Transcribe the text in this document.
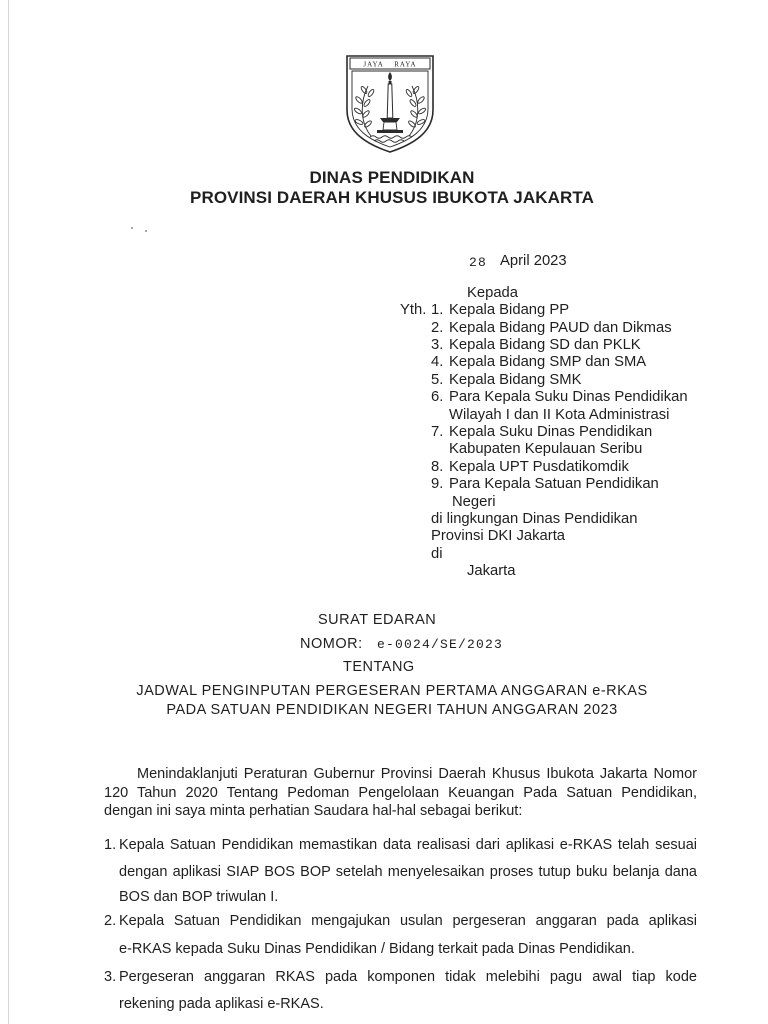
JAYA RAYA
DINAS PENDIDIKAN
PROVINSI DAERAH KHUSUS IBUKOTA JAKARTA
28 April 2023
Kepada
Yth. 1. Kepala Bidang PP
2. Kepala Bidang PAUD dan Dikmas
3. Kepala Bidang SD dan PKLK
4. Kepala Bidang SMP dan SMA
5. Kepala Bidang SMK
6. Para Kepala Suku Dinas Pendidikan
Wilayah I dan II Kota Administrasi
7. Kepala Suku Dinas Pendidikan
Kabupaten Kepulauan Seribu
8. Kepala UPT Pusdatikomdik
9. Para Kepala Satuan Pendidikan
Negeri
di lingkungan Dinas Pendidikan
Provinsi DKI Jakarta
di
Jakarta
SURAT EDARAN
NOMOR: e-0024/SE/2023
TENTANG
JADWAL PENGINPUTAN PERGESERAN PERTAMA ANGGARAN e-RKAS
PADA SATUAN PENDIDIKAN NEGERI TAHUN ANGGARAN 2023
Menindaklanjuti Peraturan Gubernur Provinsi Daerah Khusus Ibukota Jakarta Nomor
120 Tahun 2020 Tentang Pedoman Pengelolaan Keuangan Pada Satuan Pendidikan,
dengan ini saya minta perhatian Saudara hal-hal sebagai berikut:
1. Kepala Satuan Pendidikan memastikan data realisasi dari aplikasi e-RKAS telah sesuai
dengan aplikasi SIAP BOS BOP setelah menyelesaikan proses tutup buku belanja dana
BOS dan BOP triwulan I.
2. Kepala Satuan Pendidikan mengajukan usulan pergeseran anggaran pada aplikasi
e-RKAS kepada Suku Dinas Pendidikan / Bidang terkait pada Dinas Pendidikan.
3. Pergeseran anggaran RKAS pada komponen tidak melebihi pagu awal tiap kode
rekening pada aplikasi e-RKAS.
